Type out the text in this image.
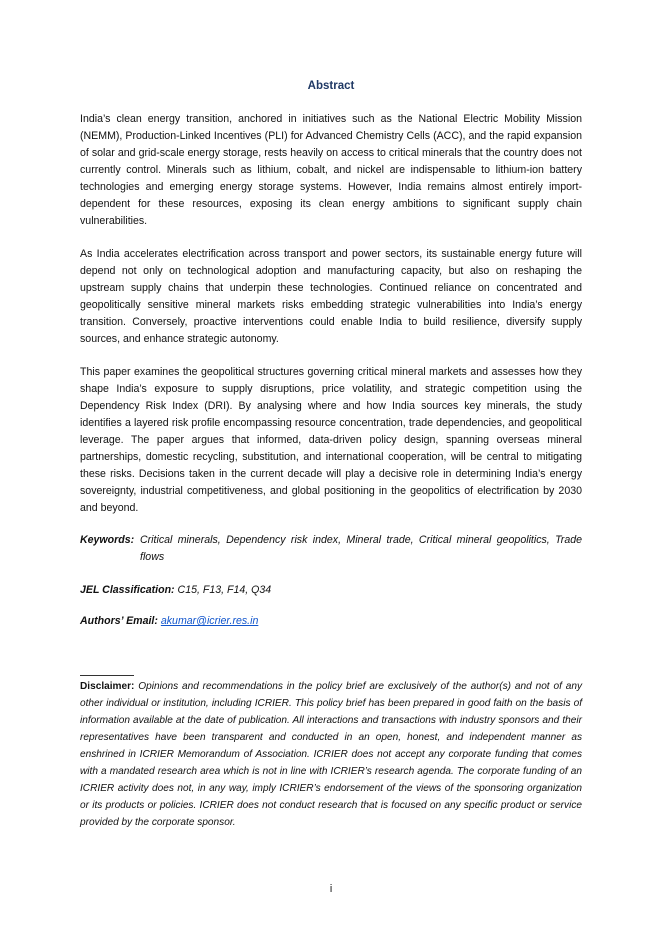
Abstract

India’s clean energy transition, anchored in initiatives such as the National Electric Mobility Mission (NEMM), Production-Linked Incentives (PLI) for Advanced Chemistry Cells (ACC), and the rapid expansion of solar and grid-scale energy storage, rests heavily on access to critical minerals that the country does not currently control. Minerals such as lithium, cobalt, and nickel are indispensable to lithium-ion battery technologies and emerging energy storage systems. However, India remains almost entirely import-dependent for these resources, exposing its clean energy ambitions to significant supply chain vulnerabilities.

As India accelerates electrification across transport and power sectors, its sustainable energy future will depend not only on technological adoption and manufacturing capacity, but also on reshaping the upstream supply chains that underpin these technologies. Continued reliance on concentrated and geopolitically sensitive mineral markets risks embedding strategic vulnerabilities into India’s energy transition. Conversely, proactive interventions could enable India to build resilience, diversify supply sources, and enhance strategic autonomy.

This paper examines the geopolitical structures governing critical mineral markets and assesses how they shape India’s exposure to supply disruptions, price volatility, and strategic competition using the Dependency Risk Index (DRI). By analysing where and how India sources key minerals, the study identifies a layered risk profile encompassing resource concentration, trade dependencies, and geopolitical leverage. The paper argues that informed, data-driven policy design, spanning overseas mineral partnerships, domestic recycling, substitution, and international cooperation, will be central to mitigating these risks. Decisions taken in the current decade will play a decisive role in determining India’s energy sovereignty, industrial competitiveness, and global positioning in the geopolitics of electrification by 2030 and beyond.

Keywords: Critical minerals, Dependency risk index, Mineral trade, Critical mineral geopolitics, Trade flows
JEL Classification: C15, F13, F14, Q34
Authors’ Email: akumar@icrier.res.in

Disclaimer: Opinions and recommendations in the policy brief are exclusively of the author(s) and not of any other individual or institution, including ICRIER. This policy brief has been prepared in good faith on the basis of information available at the date of publication. All interactions and transactions with industry sponsors and their representatives have been transparent and conducted in an open, honest, and independent manner as enshrined in ICRIER Memorandum of Association. ICRIER does not accept any corporate funding that comes with a mandated research area which is not in line with ICRIER’s research agenda. The corporate funding of an ICRIER activity does not, in any way, imply ICRIER’s endorsement of the views of the sponsoring organization or its products or policies. ICRIER does not conduct research that is focused on any specific product or service provided by the corporate sponsor.

i
